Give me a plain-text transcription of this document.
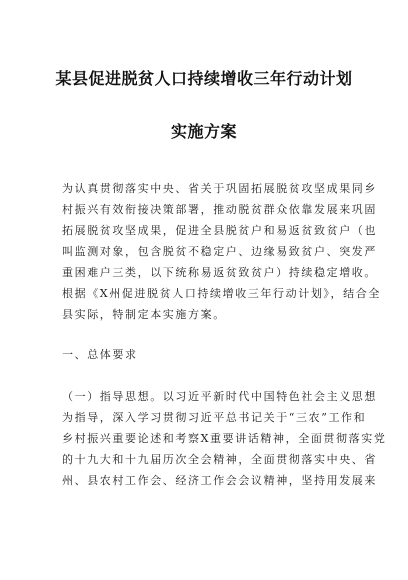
某县促进脱贫人口持续增收三年行动计划
实施方案

为认真贯彻落实中央、省关于巩固拓展脱贫攻坚成果同乡

村振兴有效衔接决策部署，推动脱贫群众依靠发展来巩固

拓展脱贫攻坚成果，促进全县脱贫户和易返贫致贫户（也

叫监测对象，包含脱贫不稳定户、边缘易致贫户、突发严

重困难户三类，以下统称易返贫致贫户）持续稳定增收。

根据《X州促进脱贫人口持续增收三年行动计划》，结合全

县实际，特制定本实施方案。

一、总体要求

（一）指导思想。以习近平新时代中国特色社会主义思想

为指导，深入学习贯彻习近平总书记关于“三农”工作和

乡村振兴重要论述和考察X重要讲话精神，全面贯彻落实党

的十九大和十九届历次全会精神，全面贯彻落实中央、省

州、县农村工作会、经济工作会会议精神，坚持用发展来
